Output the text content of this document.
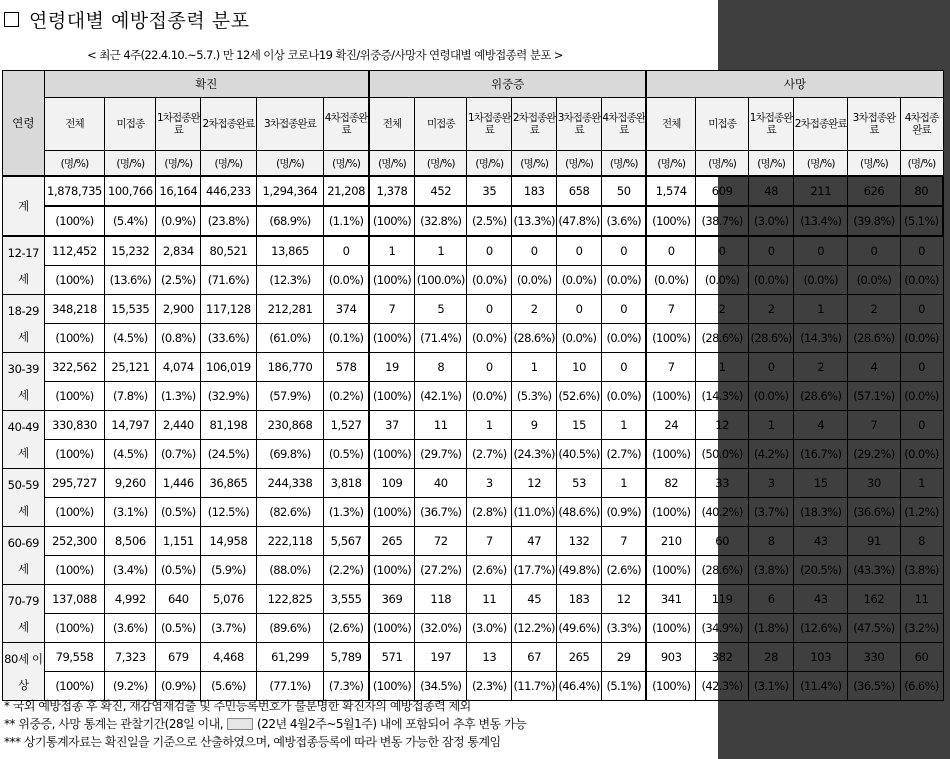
연령대별 예방접종력 분포
< 최근 4주(22.4.10.~5.7.) 만 12세 이상 코로나19 확진/위중증/사망자 연령대별 예방접종력 분포 >
연령	확진						위중증						사망					
	전체	미접종	1차접종완료	2차접종완료	3차접종완료	4차접종완료	전체	미접종	1차접종완료	2차접종완료	3차접종완료	4차접종완료	전체	미접종	1차접종완료	2차접종완료	3차접종완료	4차접종완료
	(명/%)	(명/%)	(명/%)	(명/%)	(명/%)	(명/%)	(명/%)	(명/%)	(명/%)	(명/%)	(명/%)	(명/%)	(명/%)	(명/%)	(명/%)	(명/%)	(명/%)	(명/%)
계	1,878,735	100,766	16,164	446,233	1,294,364	21,208	1,378	452	35	183	658	50	1,574	609	48	211	626	80
	(100%)	(5.4%)	(0.9%)	(23.8%)	(68.9%)	(1.1%)	(100%)	(32.8%)	(2.5%)	(13.3%)	(47.8%)	(3.6%)	(100%)	(38.7%)	(3.0%)	(13.4%)	(39.8%)	(5.1%)
12-17세	112,452	15,232	2,834	80,521	13,865	0	1	1	0	0	0	0	0	0	0	0	0	0
	(100%)	(13.6%)	(2.5%)	(71.6%)	(12.3%)	(0.0%)	(100%)	(100.0%)	(0.0%)	(0.0%)	(0.0%)	(0.0%)	(0.0%)	(0.0%)	(0.0%)	(0.0%)	(0.0%)	(0.0%)
18-29세	348,218	15,535	2,900	117,128	212,281	374	7	5	0	2	0	0	7	2	2	1	2	0
	(100%)	(4.5%)	(0.8%)	(33.6%)	(61.0%)	(0.1%)	(100%)	(71.4%)	(0.0%)	(28.6%)	(0.0%)	(0.0%)	(100%)	(28.6%)	(28.6%)	(14.3%)	(28.6%)	(0.0%)
30-39세	322,562	25,121	4,074	106,019	186,770	578	19	8	0	1	10	0	7	1	0	2	4	0
	(100%)	(7.8%)	(1.3%)	(32.9%)	(57.9%)	(0.2%)	(100%)	(42.1%)	(0.0%)	(5.3%)	(52.6%)	(0.0%)	(100%)	(14.3%)	(0.0%)	(28.6%)	(57.1%)	(0.0%)
40-49세	330,830	14,797	2,440	81,198	230,868	1,527	37	11	1	9	15	1	24	12	1	4	7	0
	(100%)	(4.5%)	(0.7%)	(24.5%)	(69.8%)	(0.5%)	(100%)	(29.7%)	(2.7%)	(24.3%)	(40.5%)	(2.7%)	(100%)	(50.0%)	(4.2%)	(16.7%)	(29.2%)	(0.0%)
50-59세	295,727	9,260	1,446	36,865	244,338	3,818	109	40	3	12	53	1	82	33	3	15	30	1
	(100%)	(3.1%)	(0.5%)	(12.5%)	(82.6%)	(1.3%)	(100%)	(36.7%)	(2.8%)	(11.0%)	(48.6%)	(0.9%)	(100%)	(40.2%)	(3.7%)	(18.3%)	(36.6%)	(1.2%)
60-69세	252,300	8,506	1,151	14,958	222,118	5,567	265	72	7	47	132	7	210	60	8	43	91	8
	(100%)	(3.4%)	(0.5%)	(5.9%)	(88.0%)	(2.2%)	(100%)	(27.2%)	(2.6%)	(17.7%)	(49.8%)	(2.6%)	(100%)	(28.6%)	(3.8%)	(20.5%)	(43.3%)	(3.8%)
70-79세	137,088	4,992	640	5,076	122,825	3,555	369	118	11	45	183	12	341	119	6	43	162	11
	(100%)	(3.6%)	(0.5%)	(3.7%)	(89.6%)	(2.6%)	(100%)	(32.0%)	(3.0%)	(12.2%)	(49.6%)	(3.3%)	(100%)	(34.9%)	(1.8%)	(12.6%)	(47.5%)	(3.2%)
80세 이상	79,558	7,323	679	4,468	61,299	5,789	571	197	13	67	265	29	903	382	28	103	330	60
	(100%)	(9.2%)	(0.9%)	(5.6%)	(77.1%)	(7.3%)	(100%)	(34.5%)	(2.3%)	(11.7%)	(46.4%)	(5.1%)	(100%)	(42.3%)	(3.1%)	(11.4%)	(36.5%)	(6.6%)
* 국외 예방접종 후 확진, 재감염재검출 및 주민등록번호가 불분명한 확진자의 예방접종력 제외
** 위중증, 사망 통계는 관찰기간(28일 이내,	(22년 4월2주~5월1주) 내에 포함되어 추후 변동 가능
*** 상기통계자료는 확진일을 기준으로 산출하였으며, 예방접종등록에 따라 변동 가능한 잠정 통계임
